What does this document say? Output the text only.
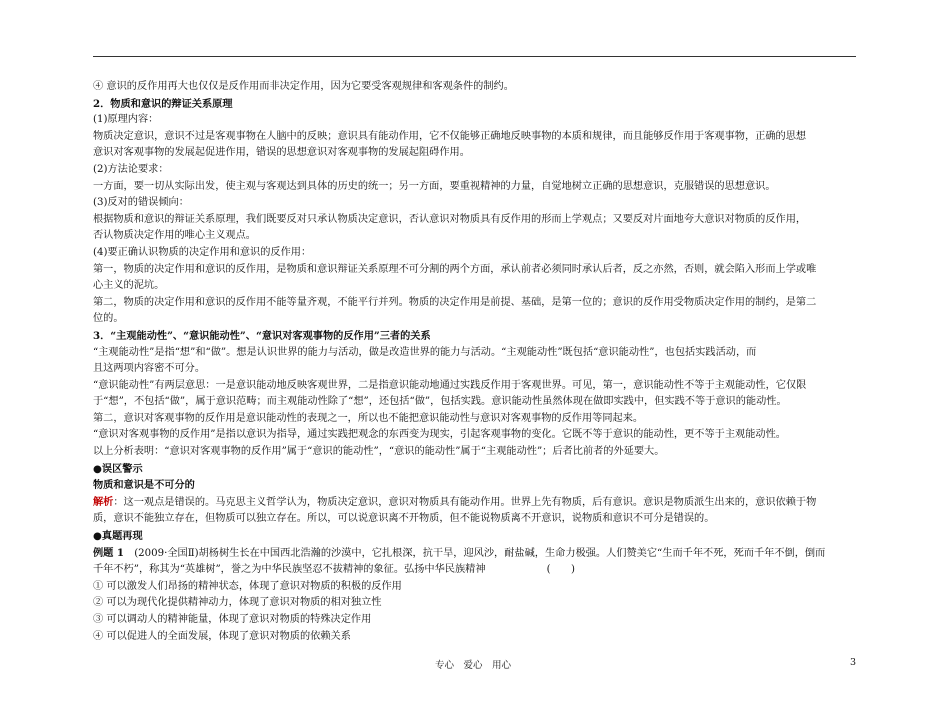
④ 意识的反作用再大也仅仅是反作用而非决定作用，因为它要受客观规律和客观条件的制约。
2．物质和意识的辩证关系原理
(1)原理内容：
物质决定意识，意识不过是客观事物在人脑中的反映；意识具有能动作用，它不仅能够正确地反映事物的本质和规律，而且能够反作用于客观事物，正确的思想
意识对客观事物的发展起促进作用，错误的思想意识对客观事物的发展起阻碍作用。
(2)方法论要求：
一方面，要一切从实际出发，使主观与客观达到具体的历史的统一；另一方面，要重视精神的力量，自觉地树立正确的思想意识，克服错误的思想意识。
(3)反对的错误倾向：
根据物质和意识的辩证关系原理，我们既要反对只承认物质决定意识，否认意识对物质具有反作用的形而上学观点；又要反对片面地夸大意识对物质的反作用，
否认物质决定作用的唯心主义观点。
(4)要正确认识物质的决定作用和意识的反作用：
第一，物质的决定作用和意识的反作用，是物质和意识辩证关系原理不可分割的两个方面，承认前者必须同时承认后者，反之亦然，否则，就会陷入形而上学或唯
心主义的泥坑。
第二，物质的决定作用和意识的反作用不能等量齐观，不能平行并列。物质的决定作用是前提、基础，是第一位的；意识的反作用受物质决定作用的制约，是第二
位的。
3．“主观能动性”、“意识能动性”、“意识对客观事物的反作用”三者的关系
“主观能动性”是指“想”和“做”。想是认识世界的能力与活动，做是改造世界的能力与活动。“主观能动性”既包括“意识能动性”，也包括实践活动，而
且这两项内容密不可分。
“意识能动性”有两层意思：一是意识能动地反映客观世界，二是指意识能动地通过实践反作用于客观世界。可见，第一，意识能动性不等于主观能动性，它仅限
于“想”，不包括“做”，属于意识范畴；而主观能动性除了“想”，还包括“做”，包括实践。意识能动性虽然体现在做即实践中，但实践不等于意识的能动性。
第二，意识对客观事物的反作用是意识能动性的表现之一，所以也不能把意识能动性与意识对客观事物的反作用等同起来。
“意识对客观事物的反作用”是指以意识为指导，通过实践把观念的东西变为现实，引起客观事物的变化。它既不等于意识的能动性，更不等于主观能动性。
以上分析表明：“意识对客观事物的反作用”属于“意识的能动性”，“意识的能动性”属于“主观能动性”；后者比前者的外延要大。
●误区警示
物质和意识是不可分的
解析：这一观点是错误的。马克思主义哲学认为，物质决定意识，意识对物质具有能动作用。世界上先有物质，后有意识。意识是物质派生出来的，意识依赖于物
质，意识不能独立存在，但物质可以独立存在。所以，可以说意识离不开物质，但不能说物质离不开意识，说物质和意识不可分是错误的。
●真题再现
例题 1　(2009·全国Ⅱ)胡杨树生长在中国西北浩瀚的沙漠中，它扎根深，抗干旱，迎风沙，耐盐碱，生命力极强。人们赞美它“生而千年不死，死而千年不倒，倒而
千年不朽”，称其为“英雄树”，誉之为中华民族坚忍不拔精神的象征。弘扬中华民族精神　　　　　　(　　)
① 可以激发人们昂扬的精神状态，体现了意识对物质的积极的反作用
② 可以为现代化提供精神动力，体现了意识对物质的相对独立性
③ 可以调动人的精神能量，体现了意识对物质的特殊决定作用
④ 可以促进人的全面发展，体现了意识对物质的依赖关系
专心　爱心　用心	3
